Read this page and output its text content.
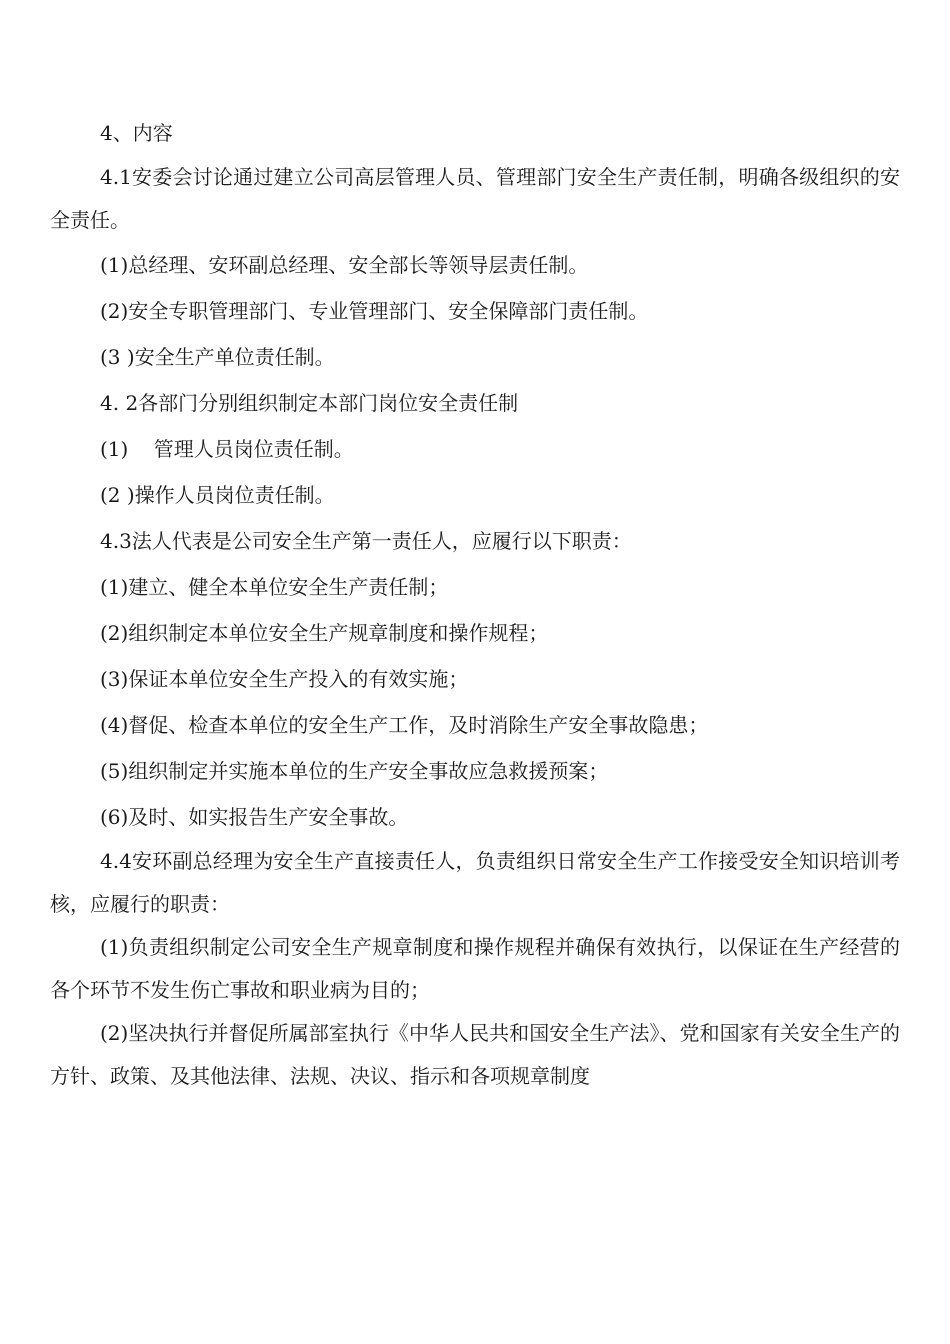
4、内容

4.1安委会讨论通过建立公司高层管理人员、管理部门安全生产责任制，明确各级组织的安全责任。

(1)总经理、安环副总经理、安全部长等领导层责任制。

(2)安全专职管理部门、专业管理部门、安全保障部门责任制。

(3 )安全生产单位责任制。

4. 2各部门分别组织制定本部门岗位安全责任制

(1)    管理人员岗位责任制。

(2 )操作人员岗位责任制。

4.3法人代表是公司安全生产第一责任人，应履行以下职责：

(1)建立、健全本单位安全生产责任制；

(2)组织制定本单位安全生产规章制度和操作规程；

(3)保证本单位安全生产投入的有效实施；

(4)督促、检查本单位的安全生产工作，及时消除生产安全事故隐患；

(5)组织制定并实施本单位的生产安全事故应急救援预案；

(6)及时、如实报告生产安全事故。

4.4安环副总经理为安全生产直接责任人，负责组织日常安全生产工作接受安全知识培训考核，应履行的职责：

(1)负责组织制定公司安全生产规章制度和操作规程并确保有效执行，以保证在生产经营的各个环节不发生伤亡事故和职业病为目的；

(2)坚决执行并督促所属部室执行《中华人民共和国安全生产法》、党和国家有关安全生产的方针、政策、及其他法律、法规、决议、指示和各项规章制度
